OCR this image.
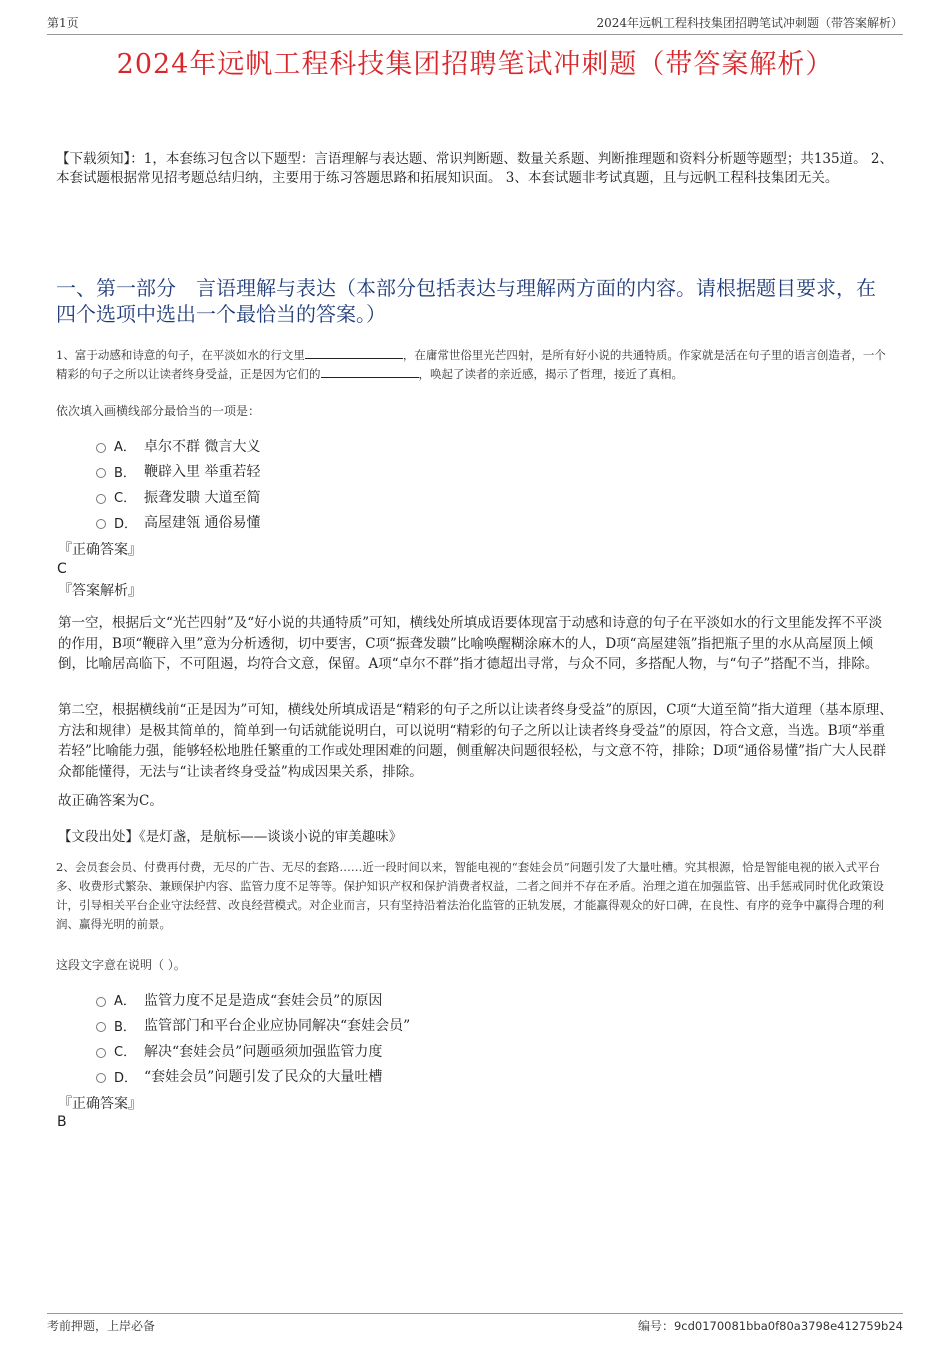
第1页	2024年远帆工程科技集团招聘笔试冲刺题（带答案解析）
2024年远帆工程科技集团招聘笔试冲刺题（带答案解析）
【下载须知】：1，本套练习包含以下题型：言语理解与表达题、常识判断题、数量关系题、判断推理题和资料分析题等题型；共135道。 2、本套试题根据常见招考题总结归纳，主要用于练习答题思路和拓展知识面。 3、本套试题非考试真题，且与远帆工程科技集团无关。
一、第一部分　言语理解与表达（本部分包括表达与理解两方面的内容。请根据题目要求，在四个选项中选出一个最恰当的答案。）
1、富于动感和诗意的句子，在平淡如水的行文里	，在庸常世俗里光芒四射，是所有好小说的共通特质。作家就是活在句子里的语言创造者，一个精彩的句子之所以让读者终身受益，正是因为它们的	，唤起了读者的亲近感，揭示了哲理，接近了真相。
依次填入画横线部分最恰当的一项是：
A． 卓尔不群 微言大义
B． 鞭辟入里 举重若轻
C． 振聋发聩 大道至简
D． 高屋建瓴 通俗易懂
『正确答案』
C
『答案解析』
第一空，根据后文“光芒四射”及“好小说的共通特质”可知，横线处所填成语要体现富于动感和诗意的句子在平淡如水的行文里能发挥不平淡的作用，B项“鞭辟入里”意为分析透彻，切中要害，C项“振聋发聩”比喻唤醒糊涂麻木的人，D项“高屋建瓴”指把瓶子里的水从高屋顶上倾倒，比喻居高临下，不可阻遏，均符合文意，保留。A项“卓尔不群”指才德超出寻常，与众不同，多搭配人物，与“句子”搭配不当，排除。
第二空，根据横线前“正是因为”可知，横线处所填成语是“精彩的句子之所以让读者终身受益”的原因，C项“大道至简”指大道理（基本原理、方法和规律）是极其简单的，简单到一句话就能说明白，可以说明“精彩的句子之所以让读者终身受益”的原因，符合文意，当选。B项“举重若轻”比喻能力强，能够轻松地胜任繁重的工作或处理困难的问题，侧重解决问题很轻松，与文意不符，排除；D项“通俗易懂”指广大人民群众都能懂得，无法与“让读者终身受益”构成因果关系，排除。
故正确答案为C。
【文段出处】《是灯盏，是航标——谈谈小说的审美趣味》
2、会员套会员、付费再付费，无尽的广告、无尽的套路……近一段时间以来，智能电视的“套娃会员”问题引发了大量吐槽。究其根源，恰是智能电视的嵌入式平台多、收费形式繁杂、兼顾保护内容、监管力度不足等等。保护知识产权和保护消费者权益，二者之间并不存在矛盾。治理之道在加强监管、出手惩戒同时优化政策设计，引导相关平台企业守法经营、改良经营模式。对企业而言，只有坚持沿着法治化监管的正轨发展，才能赢得观众的好口碑，在良性、有序的竞争中赢得合理的利润、赢得光明的前景。
这段文字意在说明（ ）。
A． 监管力度不足是造成“套娃会员”的原因
B． 监管部门和平台企业应协同解决“套娃会员”
C． 解决“套娃会员”问题亟须加强监管力度
D． “套娃会员”问题引发了民众的大量吐槽
『正确答案』
B
考前押题，上岸必备	编号：9cd0170081bba0f80a3798e412759b24
